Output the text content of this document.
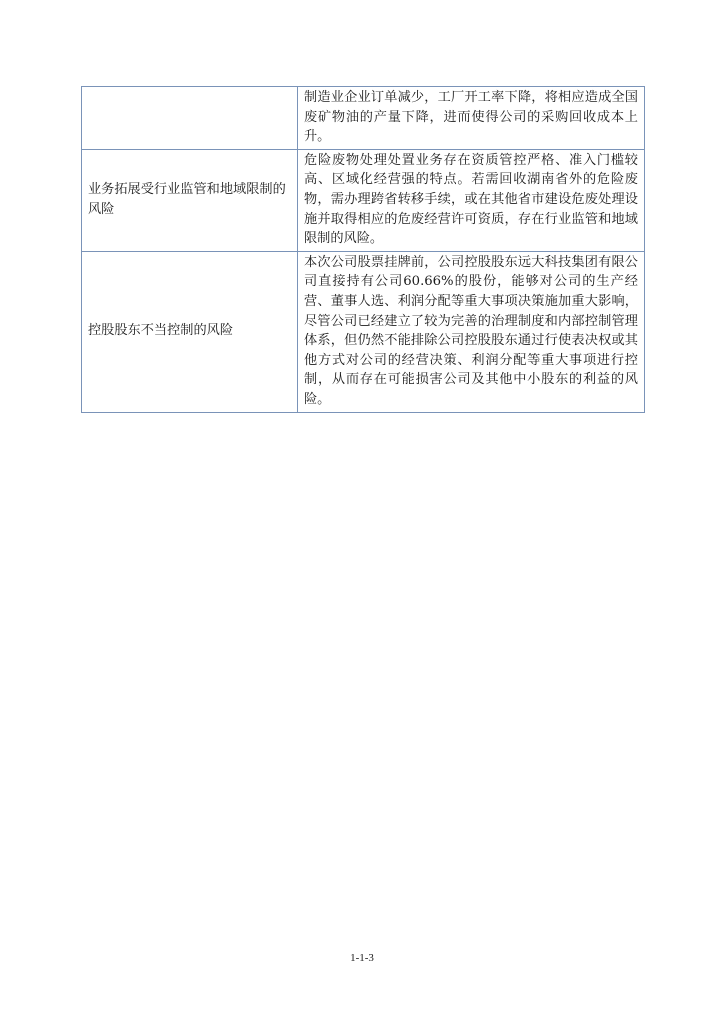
	制造业企业订单减少，工厂开工率下降，将相应造成全国废矿物油的产量下降，进而使得公司的采购回收成本上升。
业务拓展受行业监管和地域限制的风险	危险废物处理处置业务存在资质管控严格、准入门槛较高、区域化经营强的特点。若需回收湖南省外的危险废物，需办理跨省转移手续，或在其他省市建设危废处理设施并取得相应的危废经营许可资质，存在行业监管和地域限制的风险。
控股股东不当控制的风险	本次公司股票挂牌前，公司控股股东远大科技集团有限公司直接持有公司60.66%的股份，能够对公司的生产经营、董事人选、利润分配等重大事项决策施加重大影响，尽管公司已经建立了较为完善的治理制度和内部控制管理体系，但仍然不能排除公司控股股东通过行使表决权或其他方式对公司的经营决策、利润分配等重大事项进行控制，从而存在可能损害公司及其他中小股东的利益的风险。
1-1-3
